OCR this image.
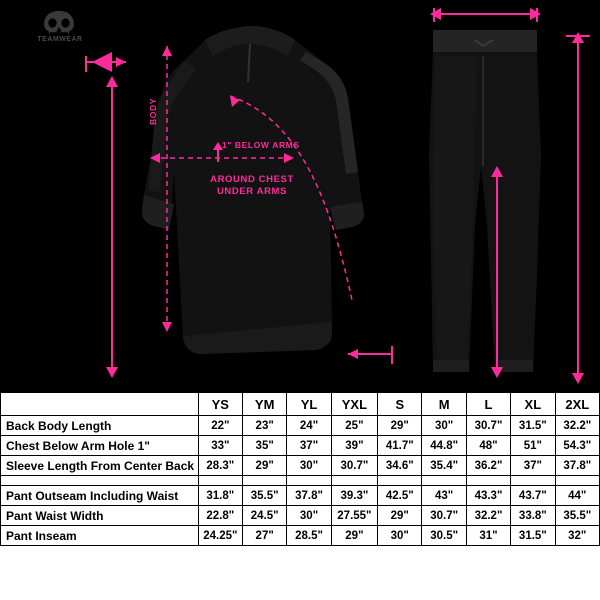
TEAMWEAR
BODY
1" BELOW ARMS
AROUND CHEST
UNDER ARMS
	YS	YM	YL	YXL	S	M	L	XL	2XL
Back Body Length	22"	23"	24"	25"	29"	30"	30.7"	31.5"	32.2"
Chest Below Arm Hole 1"	33"	35"	37"	39"	41.7"	44.8"	48"	51"	54.3"
Sleeve Length From Center Back	28.3"	29"	30"	30.7"	34.6"	35.4"	36.2"	37"	37.8"

Pant Outseam Including Waist	31.8"	35.5"	37.8"	39.3"	42.5"	43"	43.3"	43.7"	44"
Pant Waist Width	22.8"	24.5"	30"	27.55"	29"	30.7"	32.2"	33.8"	35.5"
Pant Inseam	24.25"	27"	28.5"	29"	30"	30.5"	31"	31.5"	32"
